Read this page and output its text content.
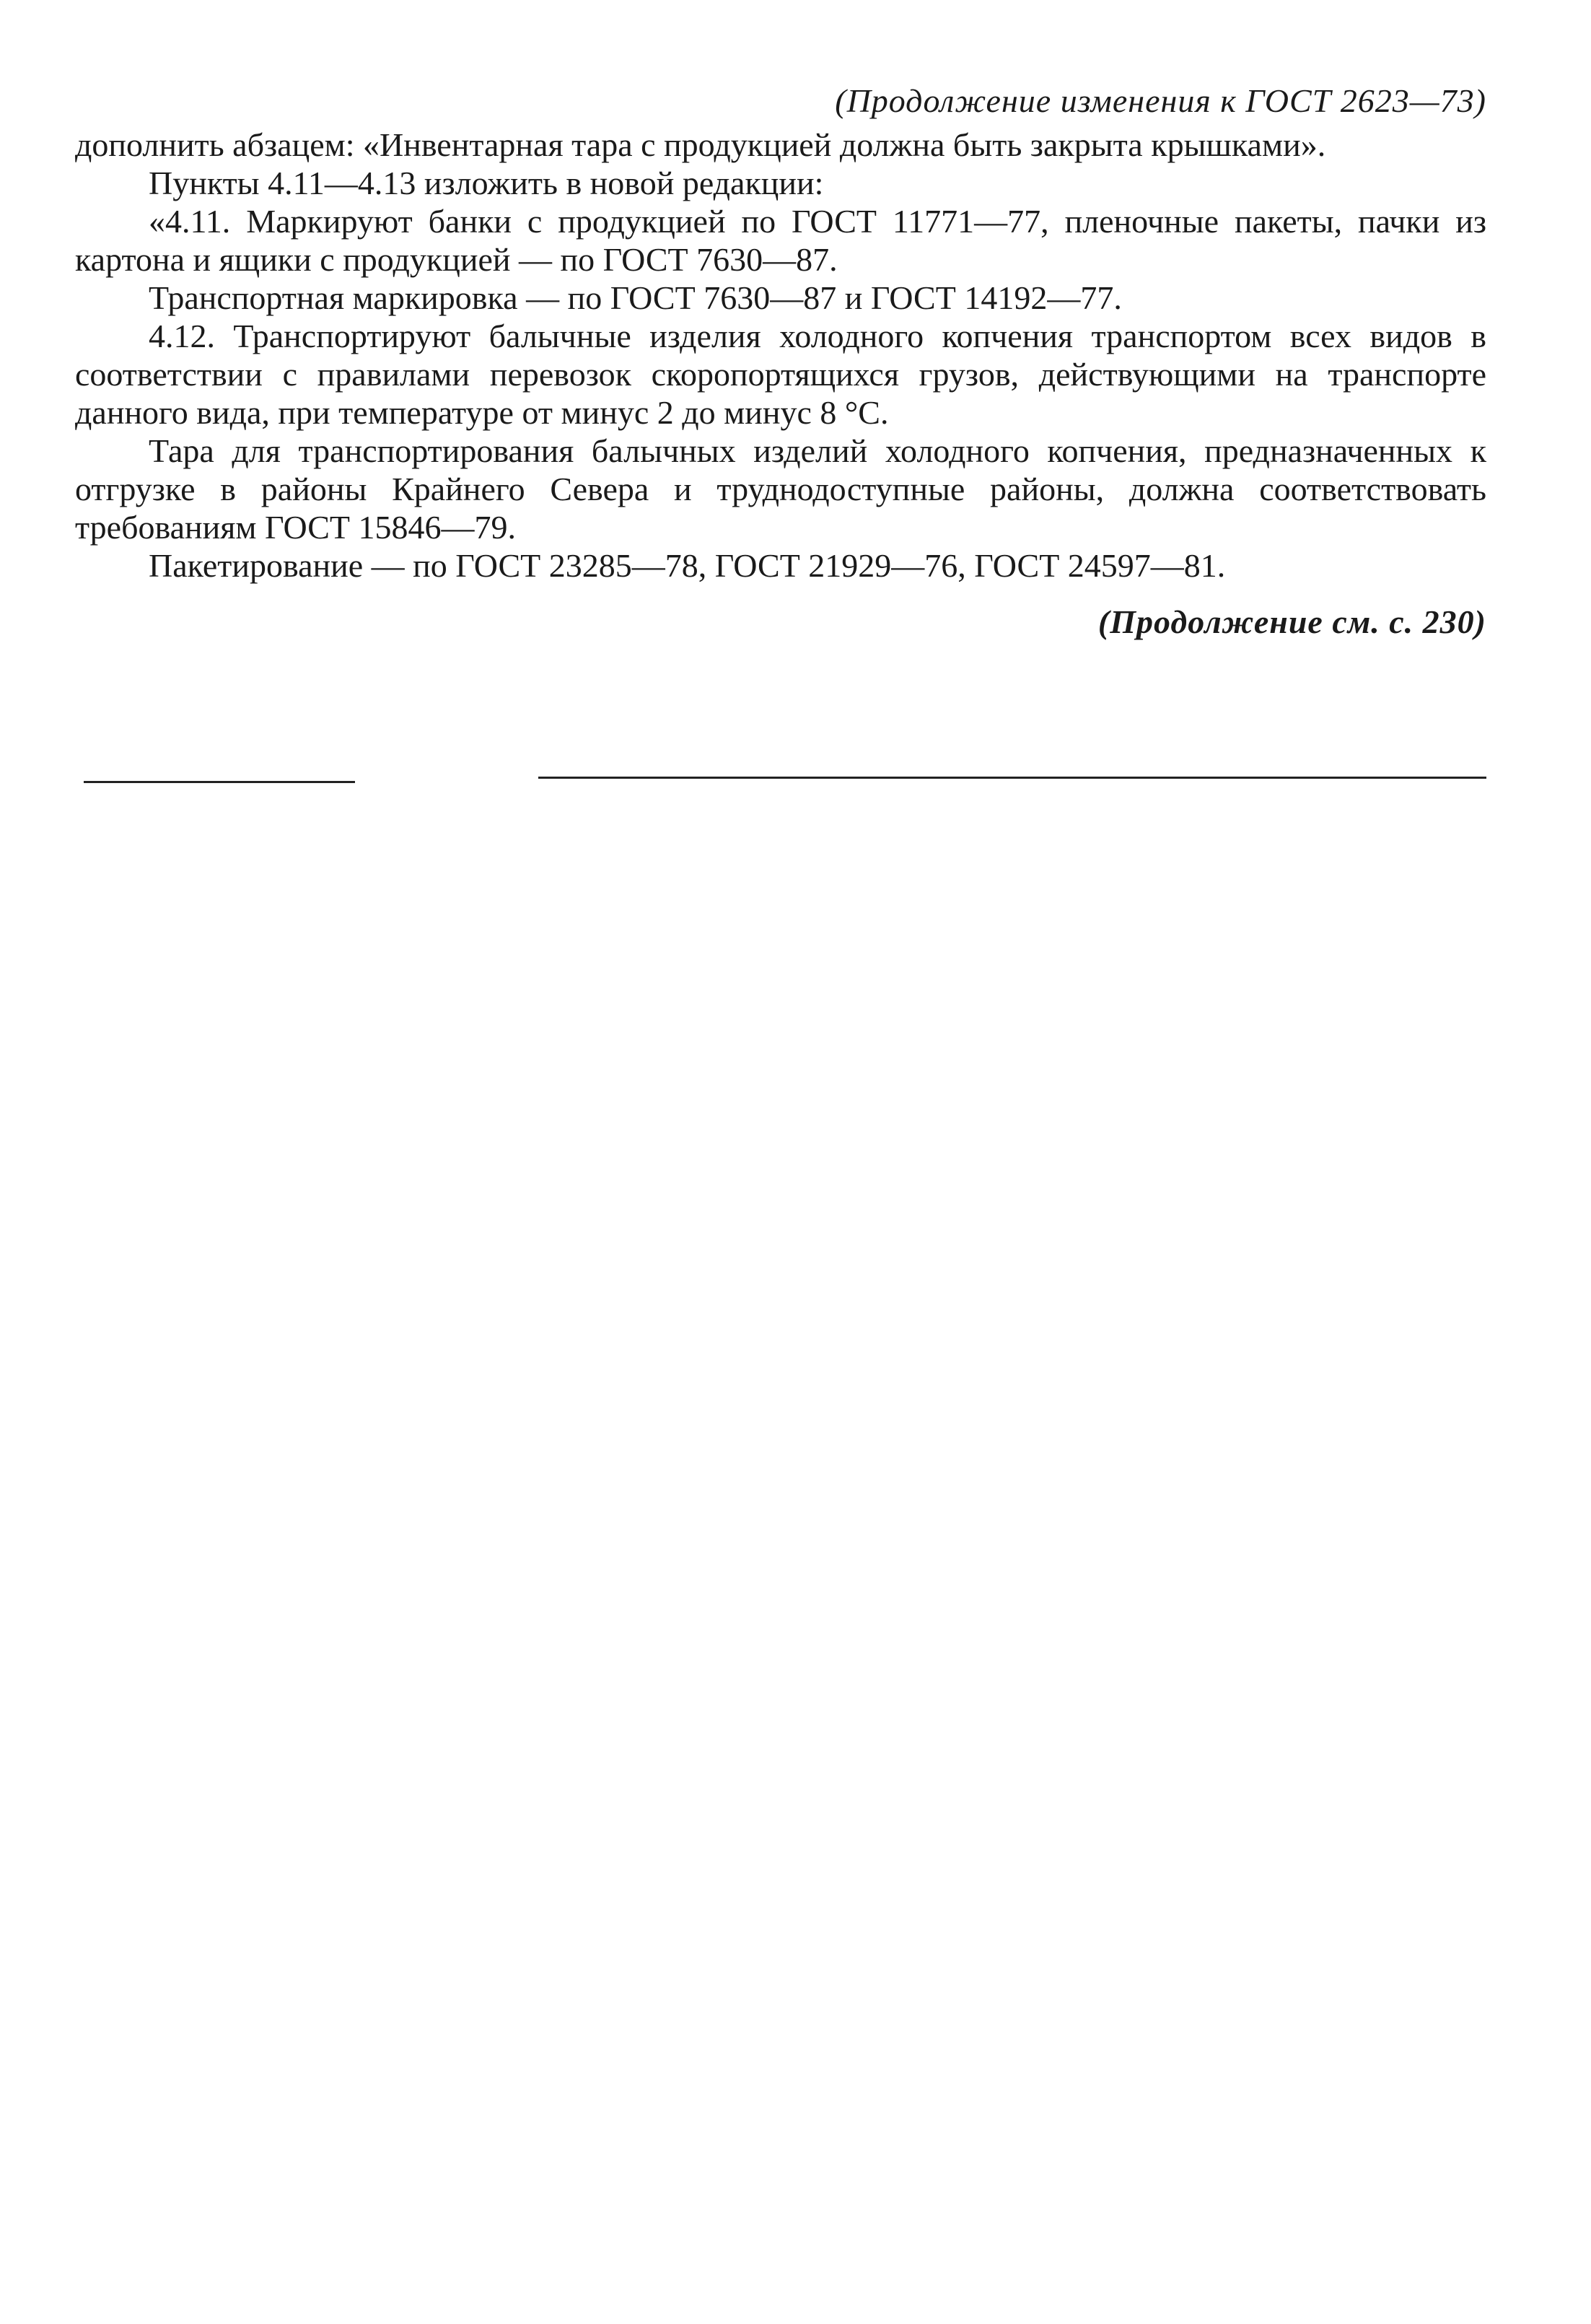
(Продолжение изменения к ГОСТ 2623—73)

дополнить абзацем: «Инвентарная тара с продукцией должна быть закрыта крышками».

Пункты 4.11—4.13 изложить в новой редакции:

«4.11. Маркируют банки с продукцией по ГОСТ 11771—77, пленочные пакеты, пачки из картона и ящики с продукцией — по ГОСТ 7630—87.

Транспортная маркировка — по ГОСТ 7630—87 и ГОСТ 14192—77.

4.12. Транспортируют балычные изделия холодного копчения транспортом всех видов в соответствии с правилами перевозок скоропортящихся грузов, действующими на транспорте данного вида, при температуре от минус 2 до минус 8 °С.

Тара для транспортирования балычных изделий холодного копчения, предназначенных к отгрузке в районы Крайнего Севера и труднодоступные районы, должна соответствовать требованиям ГОСТ 15846—79.

Пакетирование — по ГОСТ 23285—78, ГОСТ 21929—76, ГОСТ 24597—81.

(Продолжение см. с. 230)
